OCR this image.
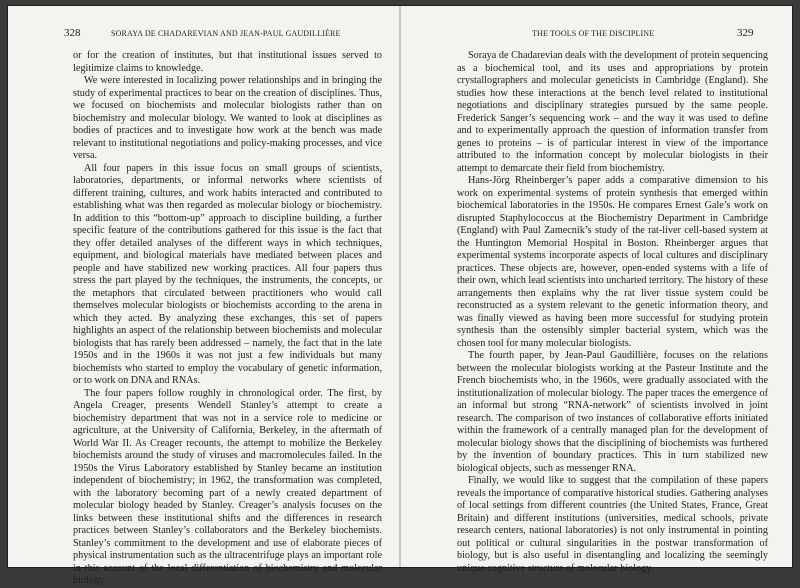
328	SORAYA DE CHADAREVIAN AND JEAN-PAUL GAUDILLIÈRE

or for the creation of institutes, but that institutional issues served to legitimize claims to knowledge.

We were interested in localizing power relationships and in bringing the study of experimental practices to bear on the creation of disciplines. Thus, we focused on biochemists and molecular biologists rather than on biochemistry and molecular biology. We wanted to look at disciplines as bodies of practices and to investigate how work at the bench was made relevant to institutional negotiations and policy-making processes, and vice versa.

All four papers in this issue focus on small groups of scientists, laboratories, departments, or informal networks where scientists of different training, cultures, and work habits interacted and contributed to establishing what was then regarded as molecular biology or biochemistry. In addition to this “bottom-up” approach to discipline building, a further specific feature of the contributions gathered for this issue is the fact that they offer detailed analyses of the different ways in which techniques, equipment, and biological materials have mediated between places and people and have stabilized new working practices. All four papers thus stress the part played by the techniques, the instruments, the concepts, or the metaphors that circulated between practitioners who would call themselves molecular biologists or biochemists according to the arena in which they acted. By analyzing these exchanges, this set of papers highlights an aspect of the relationship between biochemists and molecular biologists that has rarely been addressed – namely, the fact that in the late 1950s and in the 1960s it was not just a few individuals but many biochemists who started to employ the vocabulary of genetic information, or to work on DNA and RNAs.

The four papers follow roughly in chronological order. The first, by Angela Creager, presents Wendell Stanley’s attempt to create a biochemistry department that was not in a service role to medicine or agriculture, at the University of California, Berkeley, in the aftermath of World War II. As Creager recounts, the attempt to mobilize the Berkeley biochemists around the study of viruses and macromolecules failed. In the 1950s the Virus Laboratory established by Stanley became an institution independent of biochemistry; in 1962, the transformation was completed, with the laboratory becoming part of a newly created department of molecular biology headed by Stanley. Creager’s analysis focuses on the links between these institutional shifts and the differences in research practices between Stanley’s collaborators and the Berkeley biochemists. Stanley’s commitment to the development and use of elaborate pieces of physical instrumentation such as the ultracentrifuge plays an important role in this account of the local differentiation of biochemistry and molecular biology.

THE TOOLS OF THE DISCIPLINE	329

Soraya de Chadarevian deals with the development of protein sequencing as a biochemical tool, and its uses and appropriations by protein crystallographers and molecular geneticists in Cambridge (England). She studies how these interactions at the bench level related to institutional negotiations and disciplinary strategies pursued by the same people. Frederick Sanger’s sequencing work – and the way it was used to define and to experimentally approach the question of information transfer from genes to proteins – is of particular interest in view of the importance attributed to the information concept by molecular biologists in their attempt to demarcate their field from biochemistry.

Hans-Jörg Rheinberger’s paper adds a comparative dimension to his work on experimental systems of protein synthesis that emerged within biochemical laboratories in the 1950s. He compares Ernest Gale’s work on disrupted Staphylococcus at the Biochemistry Department in Cambridge (England) with Paul Zamecnik’s study of the rat-liver cell-based system at the Huntington Memorial Hospital in Boston. Rheinberger argues that experimental systems incorporate aspects of local cultures and disciplinary practices. These objects are, however, open-ended systems with a life of their own, which lead scientists into uncharted territory. The history of these arrangements then explains why the rat liver tissue system could be reconstructed as a system relevant to the genetic information theory, and was finally viewed as having been more successful for studying protein synthesis than the ostensibly simpler bacterial system, which was the chosen tool for many molecular biologists.

The fourth paper, by Jean-Paul Gaudillière, focuses on the relations between the molecular biologists working at the Pasteur Institute and the French biochemists who, in the 1960s, were gradually associated with the institutionalization of molecular biology. The paper traces the emergence of an informal but strong “RNA-network” of scientists involved in joint research. The comparison of two instances of collaborative efforts initiated within the framework of a centrally managed plan for the development of molecular biology shows that the disciplining of biochemists was furthered by the invention of boundary practices. This in turn stabilized new biological objects, such as messenger RNA.

Finally, we would like to suggest that the compilation of these papers reveals the importance of comparative historical studies. Gathering analyses of local settings from different countries (the United States, France, Great Britain) and different institutions (universities, medical schools, private research centers, national laboratories) is not only instrumental in pointing out political or cultural singularities in the postwar transformation of biology, but is also useful in disentangling and localizing the seemingly unique cognitive structure of molecular biology.
